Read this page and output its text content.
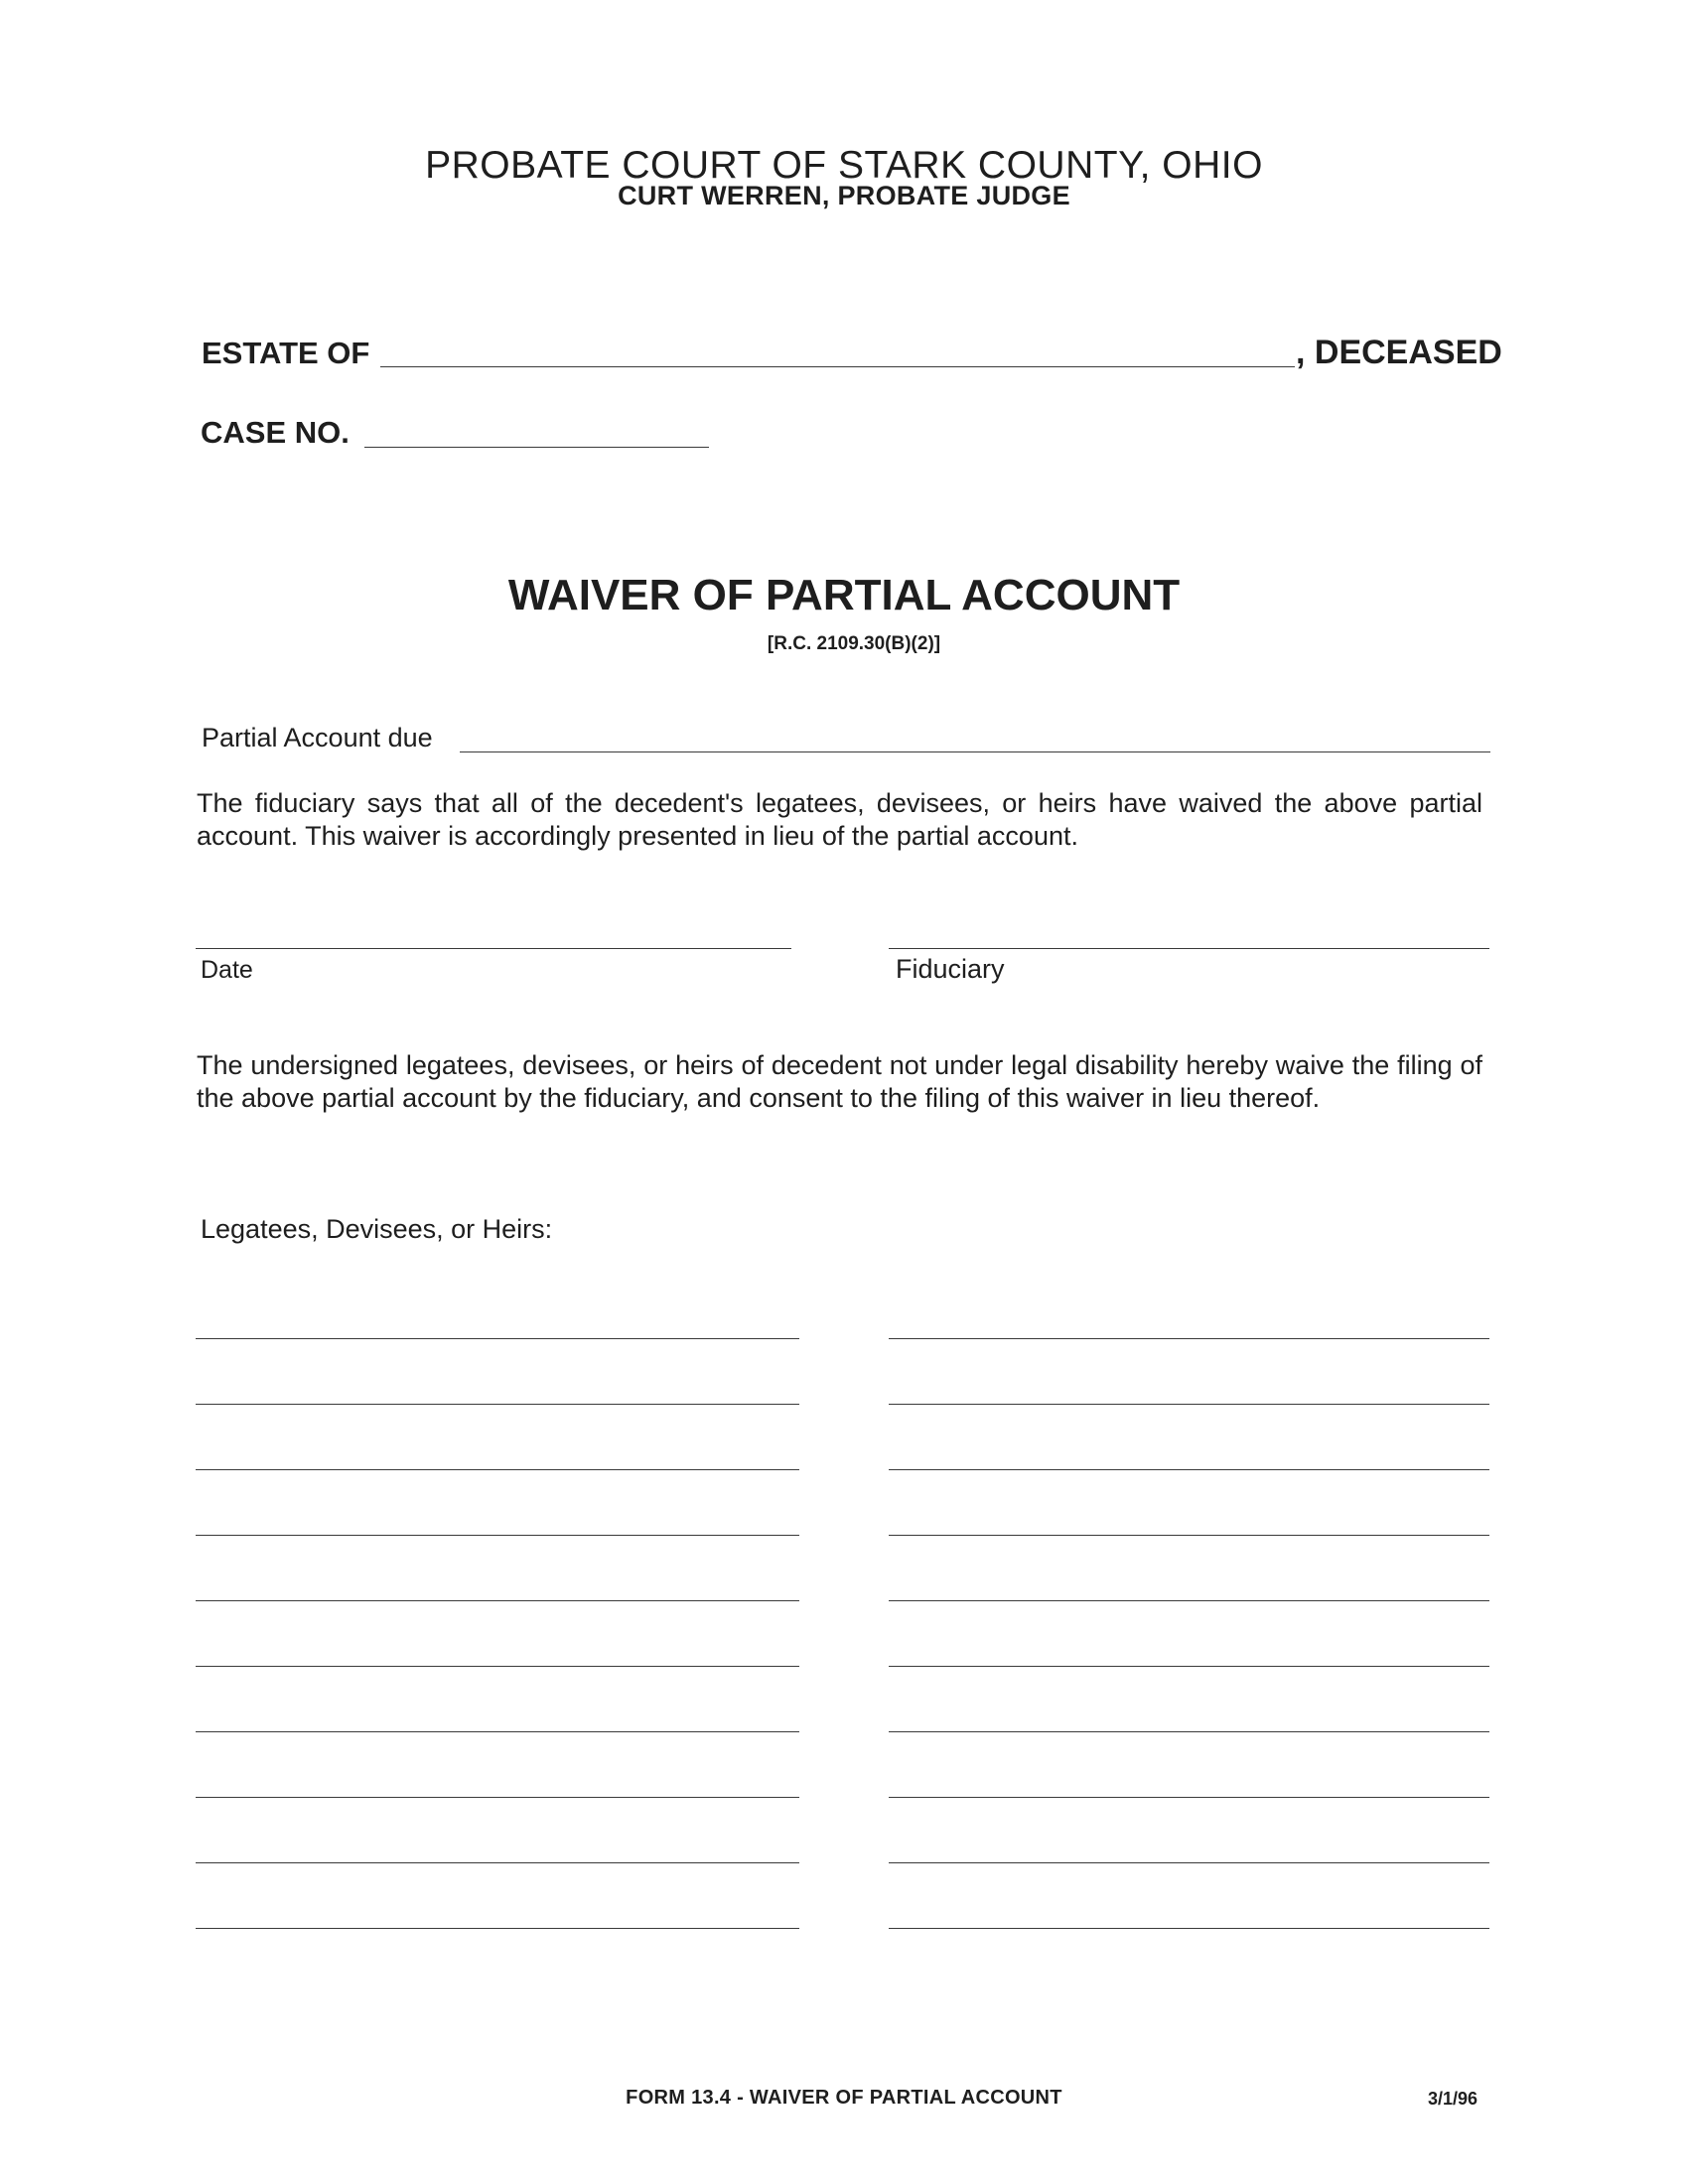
PROBATE COURT OF STARK COUNTY, OHIO
CURT WERREN, PROBATE JUDGE
ESTATE OF	, DECEASED
CASE NO.
WAIVER OF PARTIAL ACCOUNT
[R.C. 2109.30(B)(2)]
Partial Account due
The fiduciary says that all of the decedent's legatees, devisees, or heirs have waived the above partial account. This waiver is accordingly presented in lieu of the partial account.
Date	Fiduciary
The undersigned legatees, devisees, or heirs of decedent not under legal disability hereby waive the filing of the above partial account by the fiduciary, and consent to the filing of this waiver in lieu thereof.
Legatees, Devisees, or Heirs:
FORM 13.4 - WAIVER OF PARTIAL ACCOUNT	3/1/96
